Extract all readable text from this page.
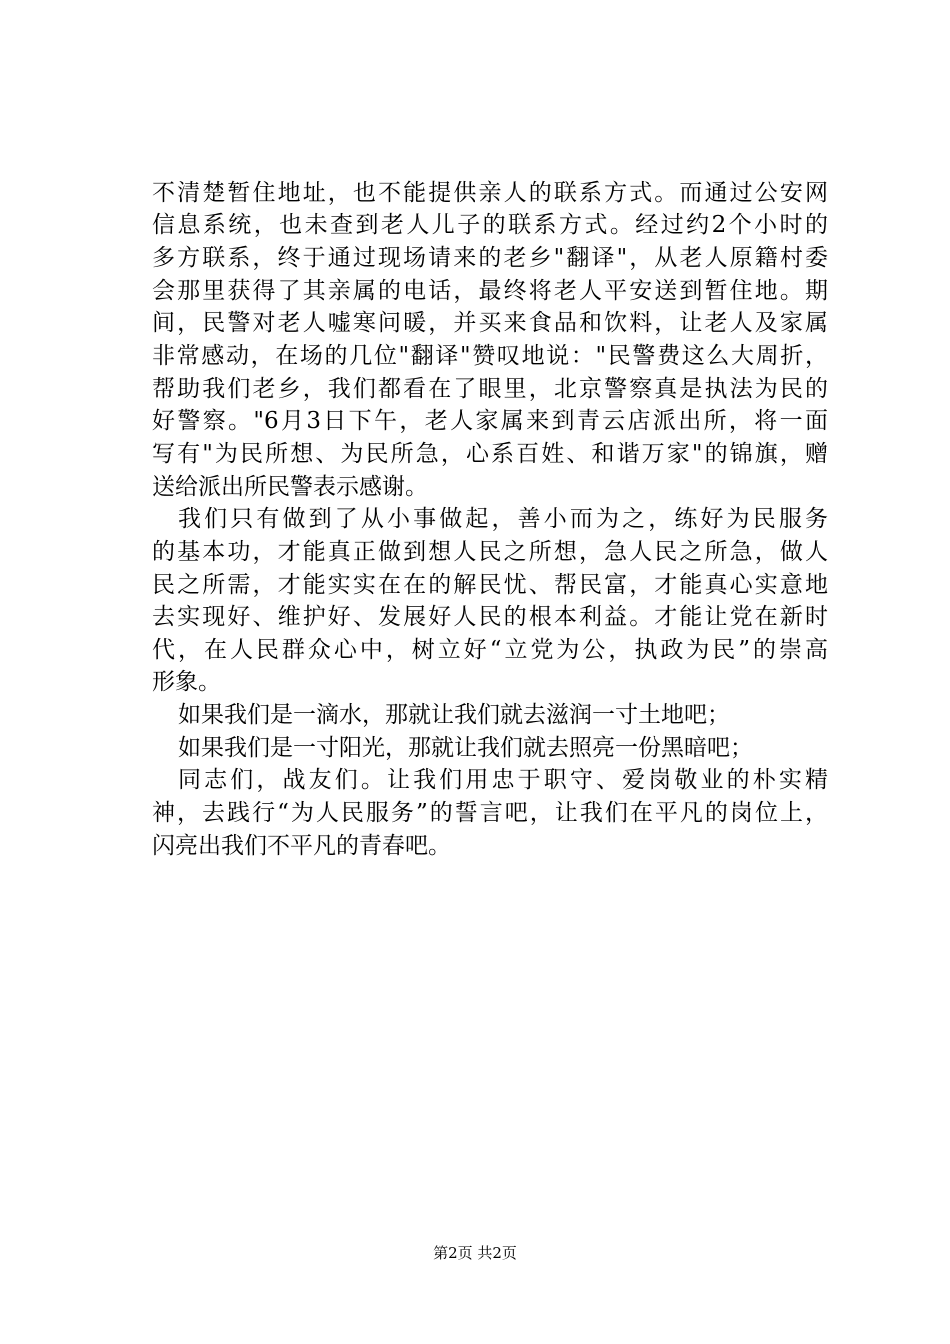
不清楚暂住地址，也不能提供亲人的联系方式。而通过公安网
信息系统，也未查到老人儿子的联系方式。经过约2个小时的
多方联系，终于通过现场请来的老乡"翻译"，从老人原籍村委
会那里获得了其亲属的电话，最终将老人平安送到暂住地。期
间，民警对老人嘘寒问暖，并买来食品和饮料，让老人及家属
非常感动，在场的几位"翻译"赞叹地说："民警费这么大周折，
帮助我们老乡，我们都看在了眼里，北京警察真是执法为民的
好警察。"6月3日下午，老人家属来到青云店派出所，将一面
写有"为民所想、为民所急，心系百姓、和谐万家"的锦旗，赠
送给派出所民警表示感谢。
我们只有做到了从小事做起，善小而为之，练好为民服务
的基本功，才能真正做到想人民之所想，急人民之所急，做人
民之所需，才能实实在在的解民忧、帮民富，才能真心实意地
去实现好、维护好、发展好人民的根本利益。才能让党在新时
代，在人民群众心中，树立好“立党为公，执政为民”的崇高
形象。
如果我们是一滴水，那就让我们就去滋润一寸土地吧；
如果我们是一寸阳光，那就让我们就去照亮一份黑暗吧；
同志们，战友们。让我们用忠于职守、爱岗敬业的朴实精
神，去践行“为人民服务”的誓言吧，让我们在平凡的岗位上，
闪亮出我们不平凡的青春吧。
第2页 共2页
